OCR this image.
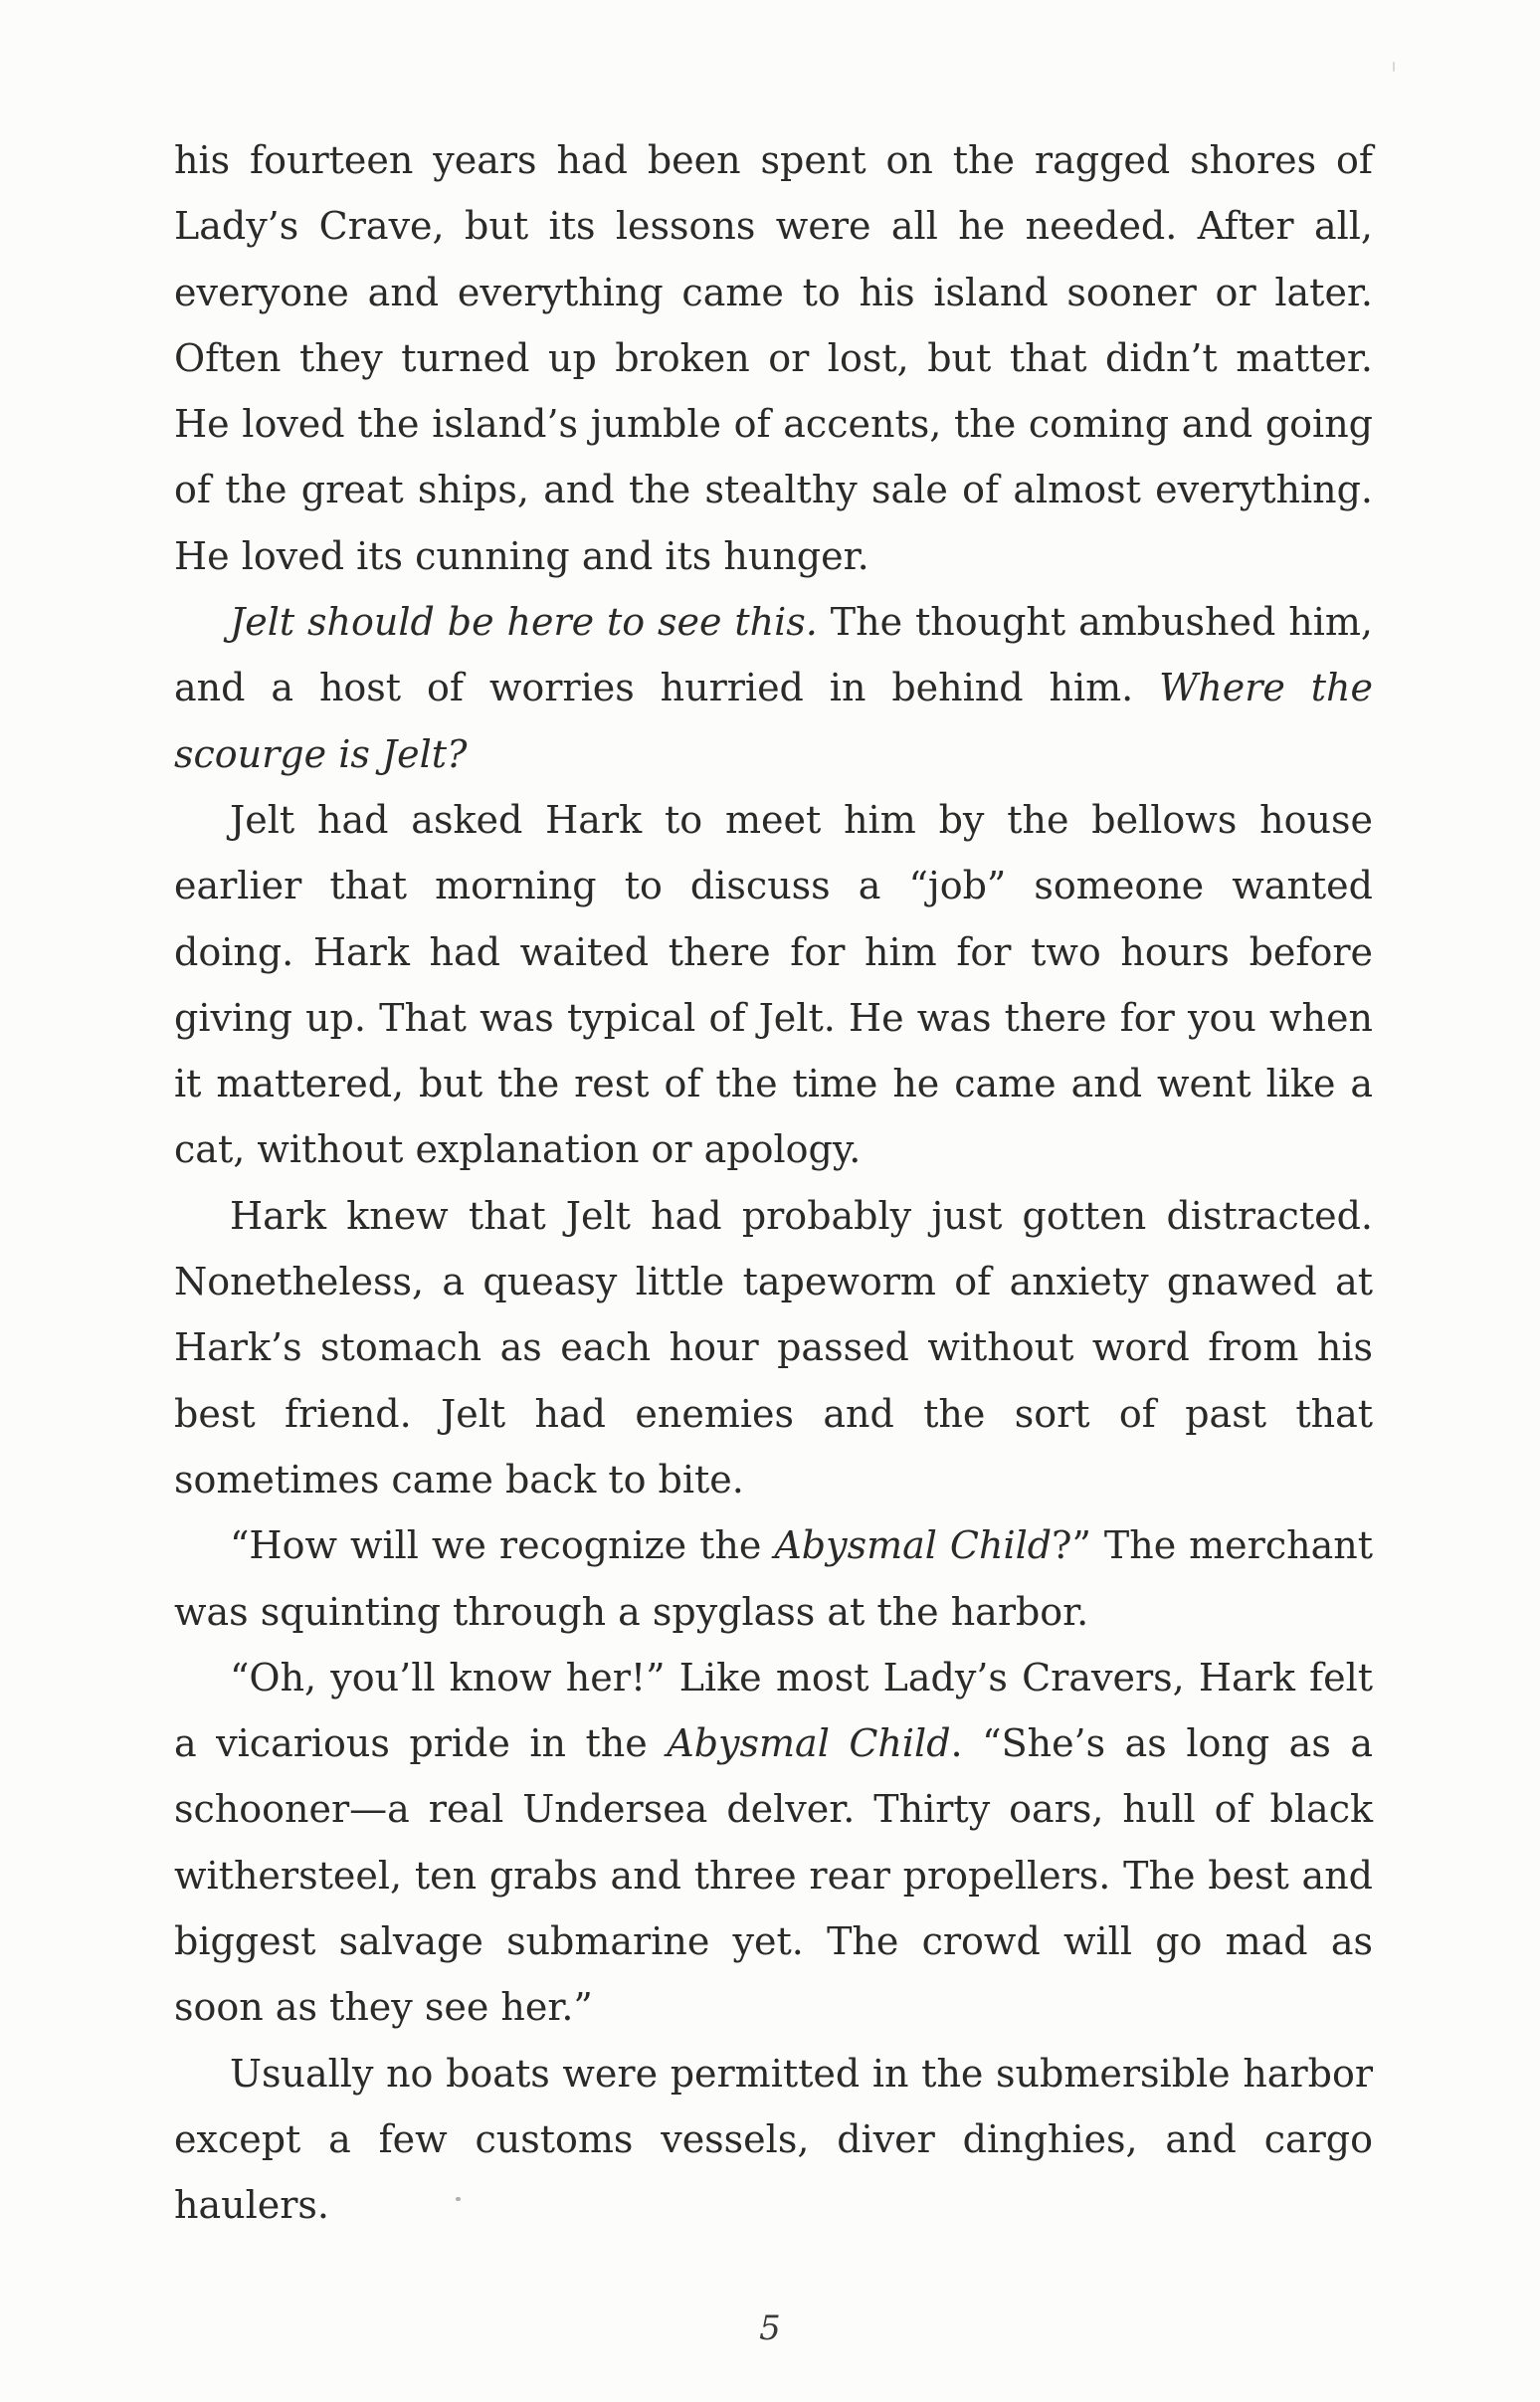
his fourteen years had been spent on the ragged shores of Lady’s Crave, but its lessons were all he needed. After all, everyone and everything came to his island sooner or later. Often they turned up broken or lost, but that didn’t matter. He loved the island’s jumble of accents, the coming and going of the great ships, and the stealthy sale of almost everything. He loved its cunning and its hunger.

Jelt should be here to see this. The thought ambushed him, and a host of worries hurried in behind him. Where the scourge is Jelt?

Jelt had asked Hark to meet him by the bellows house earlier that morning to discuss a “job” someone wanted doing. Hark had waited there for him for two hours before giving up. That was typical of Jelt. He was there for you when it mattered, but the rest of the time he came and went like a cat, without explanation or apology.

Hark knew that Jelt had probably just gotten distracted. Nonetheless, a queasy little tapeworm of anxiety gnawed at Hark’s stomach as each hour passed without word from his best friend. Jelt had enemies and the sort of past that sometimes came back to bite.

“How will we recognize the Abysmal Child?” The merchant was squinting through a spyglass at the harbor.

“Oh, you’ll know her!” Like most Lady’s Cravers, Hark felt a vicarious pride in the Abysmal Child. “She’s as long as a schooner—a real Undersea delver. Thirty oars, hull of black withersteel, ten grabs and three rear propellers. The best and biggest salvage submarine yet. The crowd will go mad as soon as they see her.”

Usually no boats were permitted in the submersible harbor except a few customs vessels, diver dinghies, and cargo haulers.

5
